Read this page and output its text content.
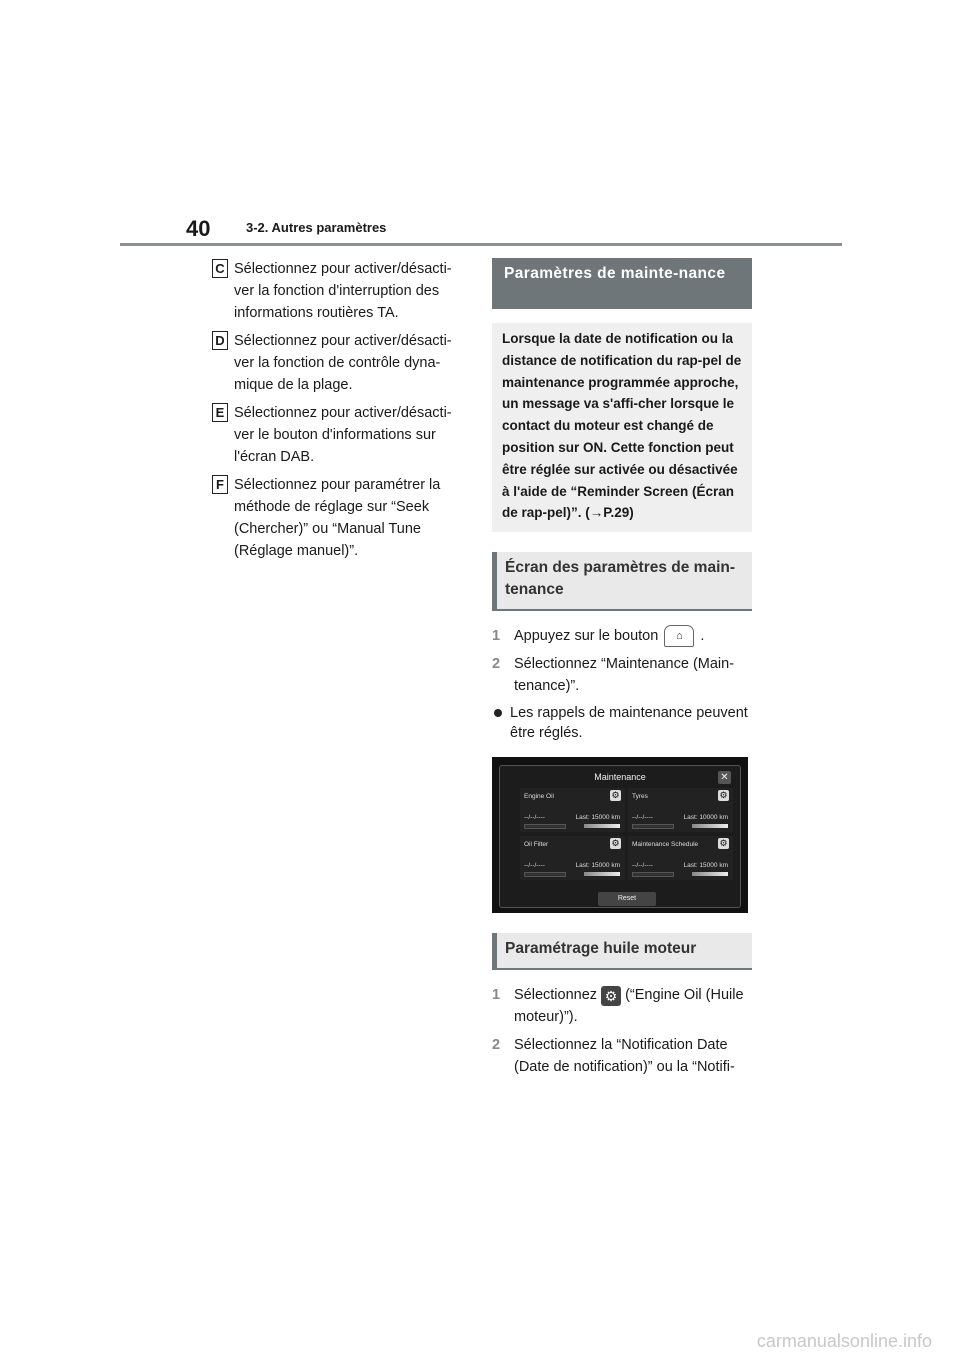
40	3-2. Autres paramètres
C Sélectionnez pour activer/désacti-ver la fonction d'interruption des informations routières TA.
D Sélectionnez pour activer/désacti-ver la fonction de contrôle dyna-mique de la plage.
E Sélectionnez pour activer/désacti-ver le bouton d'informations sur l'écran DAB.
F Sélectionnez pour paramétrer la méthode de réglage sur “Seek (Chercher)” ou “Manual Tune (Réglage manuel)”.
Paramètres de mainte-nance
Lorsque la date de notification ou la distance de notification du rap-pel de maintenance programmée approche, un message va s'affi-cher lorsque le contact du moteur est changé de position sur ON. Cette fonction peut être réglée sur activée ou désactivée à l'aide de “Reminder Screen (Écran de rap-pel)”. (→P.29)
Écran des paramètres de main-tenance
1 Appuyez sur le bouton ⌂ .
2 Sélectionnez “Maintenance (Main-tenance)”.
Les rappels de maintenance peuvent être réglés.
Maintenance	✕
Engine Oil	⚙
--/--/----	Last: 15000 km
Tyres	⚙
--/--/----	Last: 10000 km
Oil Filter	⚙
--/--/----	Last: 15000 km
Maintenance Schedule ⚙
--/--/----	Last: 15000 km
Reset
Paramétrage huile moteur
1 Sélectionnez ⚙ (“Engine Oil (Huile moteur)”).
2 Sélectionnez la “Notification Date (Date de notification)” ou la “Notifi-
carmanualsonline.info
